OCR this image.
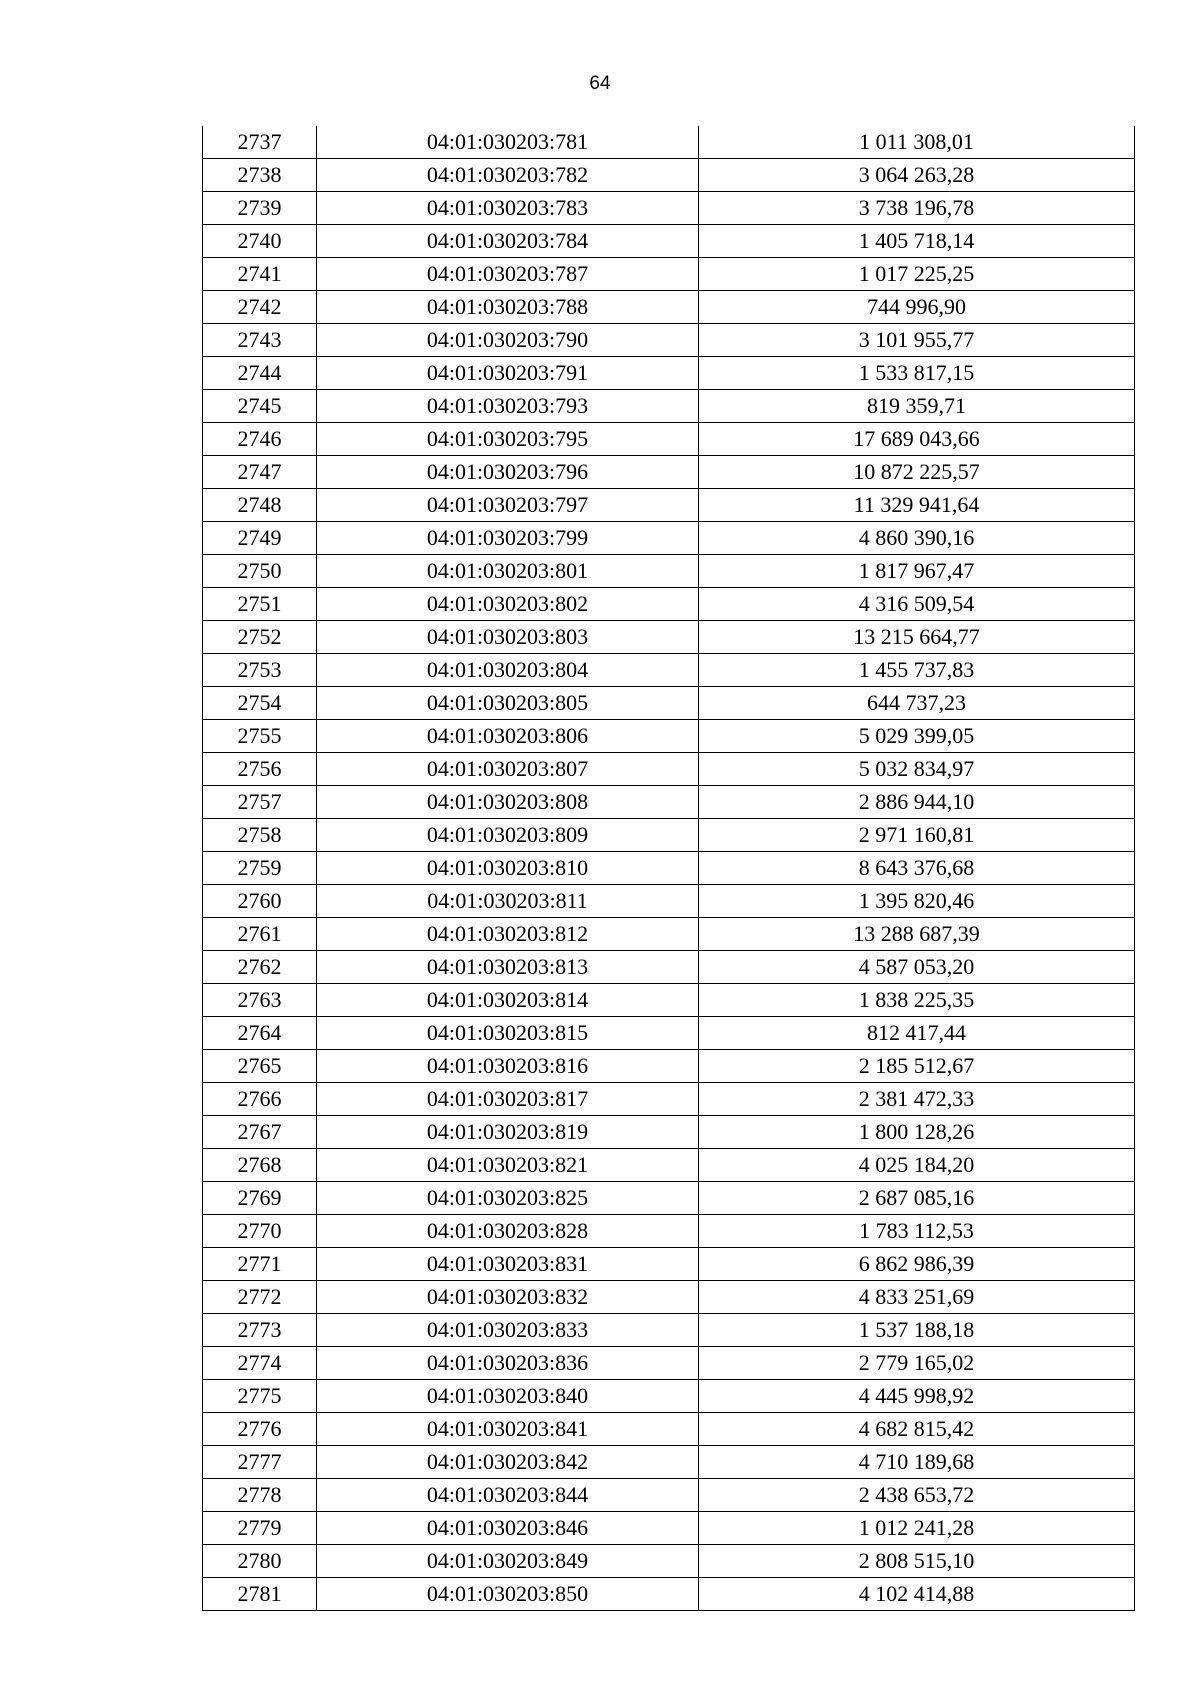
64
2737	04:01:030203:781	1 011 308,01
2738	04:01:030203:782	3 064 263,28
2739	04:01:030203:783	3 738 196,78
2740	04:01:030203:784	1 405 718,14
2741	04:01:030203:787	1 017 225,25
2742	04:01:030203:788	744 996,90
2743	04:01:030203:790	3 101 955,77
2744	04:01:030203:791	1 533 817,15
2745	04:01:030203:793	819 359,71
2746	04:01:030203:795	17 689 043,66
2747	04:01:030203:796	10 872 225,57
2748	04:01:030203:797	11 329 941,64
2749	04:01:030203:799	4 860 390,16
2750	04:01:030203:801	1 817 967,47
2751	04:01:030203:802	4 316 509,54
2752	04:01:030203:803	13 215 664,77
2753	04:01:030203:804	1 455 737,83
2754	04:01:030203:805	644 737,23
2755	04:01:030203:806	5 029 399,05
2756	04:01:030203:807	5 032 834,97
2757	04:01:030203:808	2 886 944,10
2758	04:01:030203:809	2 971 160,81
2759	04:01:030203:810	8 643 376,68
2760	04:01:030203:811	1 395 820,46
2761	04:01:030203:812	13 288 687,39
2762	04:01:030203:813	4 587 053,20
2763	04:01:030203:814	1 838 225,35
2764	04:01:030203:815	812 417,44
2765	04:01:030203:816	2 185 512,67
2766	04:01:030203:817	2 381 472,33
2767	04:01:030203:819	1 800 128,26
2768	04:01:030203:821	4 025 184,20
2769	04:01:030203:825	2 687 085,16
2770	04:01:030203:828	1 783 112,53
2771	04:01:030203:831	6 862 986,39
2772	04:01:030203:832	4 833 251,69
2773	04:01:030203:833	1 537 188,18
2774	04:01:030203:836	2 779 165,02
2775	04:01:030203:840	4 445 998,92
2776	04:01:030203:841	4 682 815,42
2777	04:01:030203:842	4 710 189,68
2778	04:01:030203:844	2 438 653,72
2779	04:01:030203:846	1 012 241,28
2780	04:01:030203:849	2 808 515,10
2781	04:01:030203:850	4 102 414,88
